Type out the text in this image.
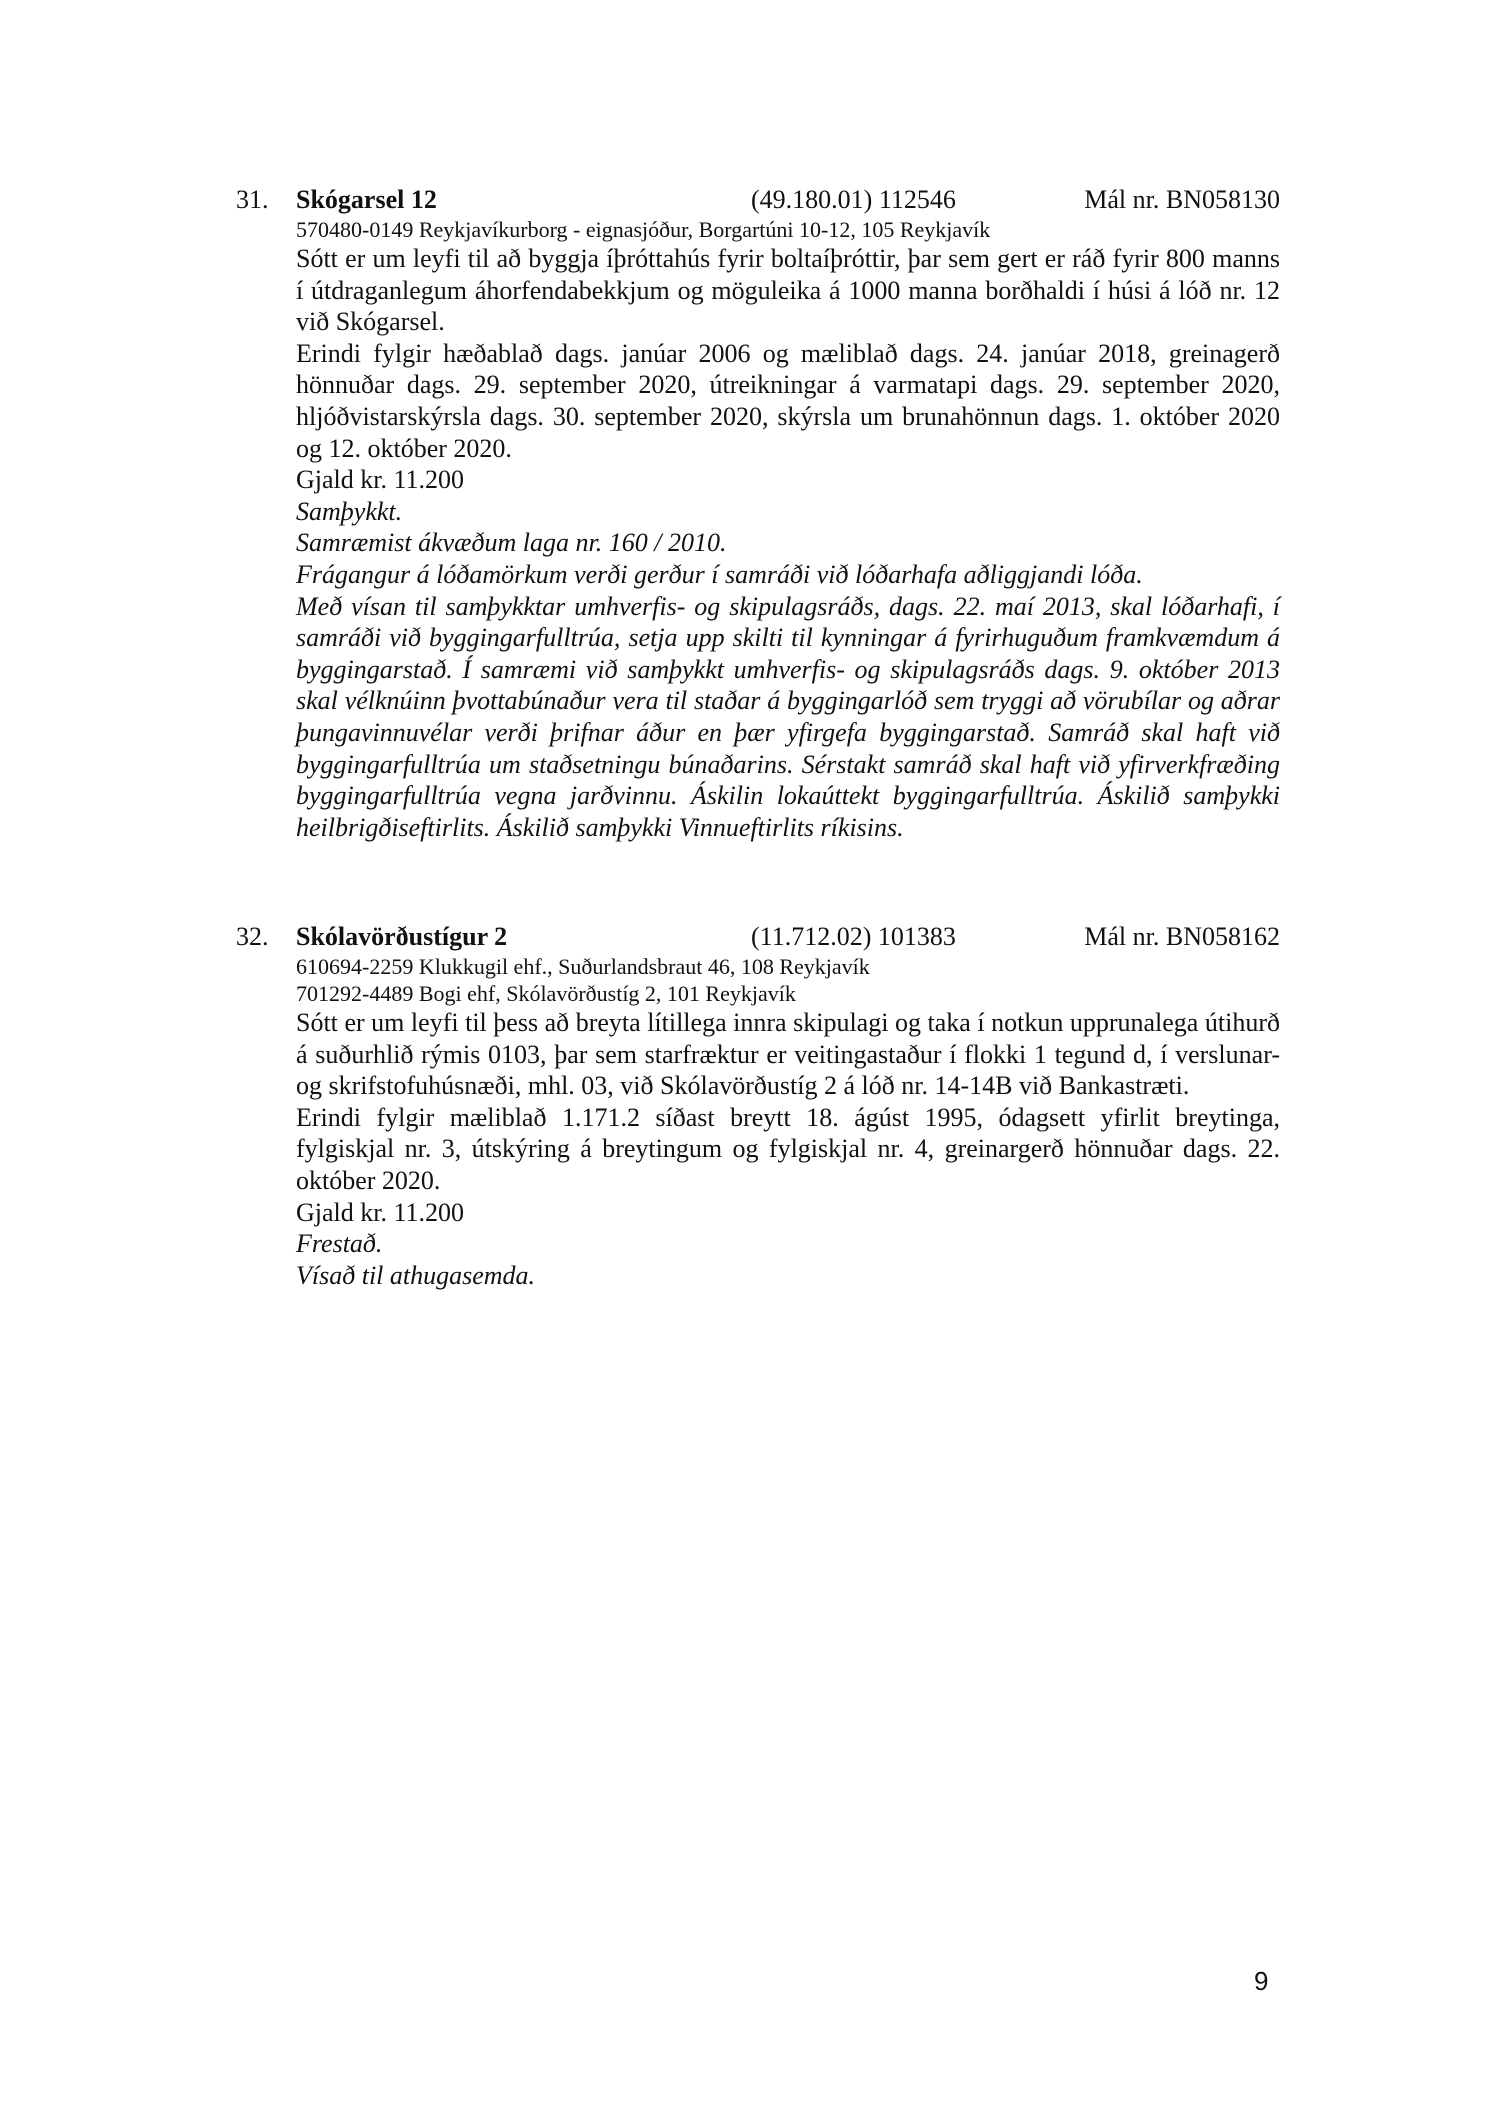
31. Skógarsel 12	(49.180.01) 112546	Mál nr. BN058130
570480-0149 Reykjavíkurborg - eignasjóður, Borgartúni 10-12, 105 Reykjavík

Sótt er um leyfi til að byggja íþróttahús fyrir boltaíþróttir, þar sem gert er ráð fyrir 800 manns í útdraganlegum áhorfendabekkjum og möguleika á 1000 manna borðhaldi í húsi á lóð nr. 12 við Skógarsel.

Erindi fylgir hæðablað dags. janúar 2006 og mæliblað dags. 24. janúar 2018, greinagerð hönnuðar dags. 29. september 2020, útreikningar á varmatapi dags. 29. september 2020, hljóðvistarskýrsla dags. 30. september 2020, skýrsla um brunahönnun dags. 1. október 2020 og 12. október 2020.

Gjald kr. 11.200
Samþykkt.
Samræmist ákvæðum laga nr. 160 / 2010.
Frágangur á lóðamörkum verði gerður í samráði við lóðarhafa aðliggjandi lóða.

Með vísan til samþykktar umhverfis- og skipulagsráðs, dags. 22. maí 2013, skal lóðarhafi, í samráði við byggingarfulltrúa, setja upp skilti til kynningar á fyrirhuguðum framkvæmdum á byggingarstað. Í samræmi við samþykkt umhverfis- og skipulagsráðs dags. 9. október 2013 skal vélknúinn þvottabúnaður vera til staðar á byggingarlóð sem tryggi að vörubílar og aðrar þungavinnuvélar verði þrifnar áður en þær yfirgefa byggingarstað. Samráð skal haft við byggingarfulltrúa um staðsetningu búnaðarins. Sérstakt samráð skal haft við yfirverkfræðing byggingarfulltrúa vegna jarðvinnu. Áskilin lokaúttekt byggingarfulltrúa. Áskilið samþykki heilbrigðiseftirlits. Áskilið samþykki Vinnueftirlits ríkisins.

32. Skólavörðustígur 2	(11.712.02) 101383	Mál nr. BN058162
610694-2259 Klukkugil ehf., Suðurlandsbraut 46, 108 Reykjavík
701292-4489 Bogi ehf, Skólavörðustíg 2, 101 Reykjavík

Sótt er um leyfi til þess að breyta lítillega innra skipulagi og taka í notkun upprunalega útihurð á suðurhlið rýmis 0103, þar sem starfræktur er veitingastaður í flokki 1 tegund d, í verslunar- og skrifstofuhúsnæði, mhl. 03, við Skólavörðustíg 2 á lóð nr. 14-14B við Bankastræti.

Erindi fylgir mæliblað 1.171.2 síðast breytt 18. ágúst 1995, ódagsett yfirlit breytinga, fylgiskjal nr. 3, útskýring á breytingum og fylgiskjal nr. 4, greinargerð hönnuðar dags. 22. október 2020.

Gjald kr. 11.200
Frestað.
Vísað til athugasemda.
9
